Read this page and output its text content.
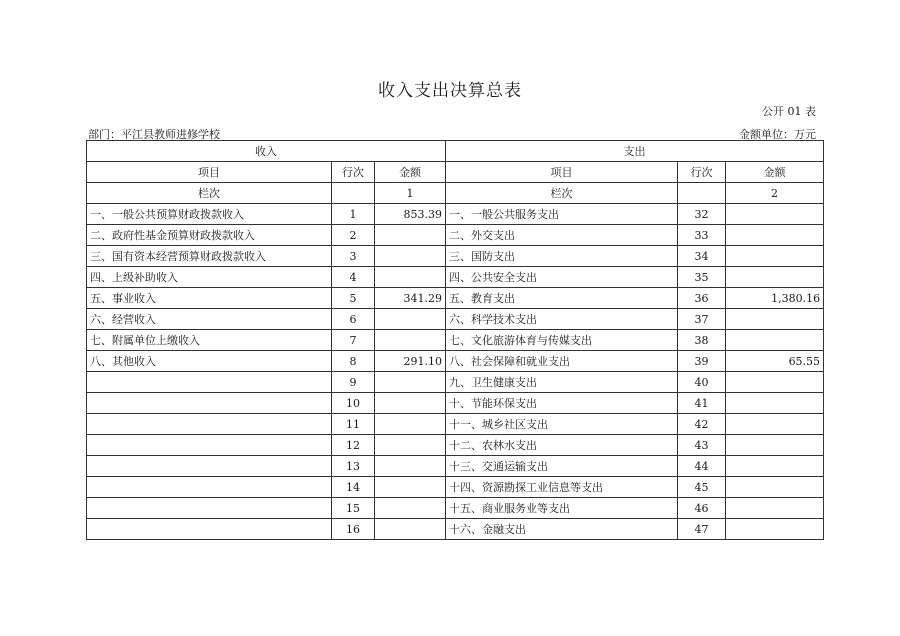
收入支出决算总表
公开 01 表
部门：平江县教师进修学校	金额单位：万元
收入			支出		
项目	行次	金额	项目	行次	金额
栏次		1	栏次		2
一、一般公共预算财政拨款收入	1	853.39	一、一般公共服务支出	32	
二、政府性基金预算财政拨款收入	2		二、外交支出	33	
三、国有资本经营预算财政拨款收入	3		三、国防支出	34	
四、上级补助收入	4		四、公共安全支出	35	
五、事业收入	5	341.29	五、教育支出	36	1,380.16
六、经营收入	6		六、科学技术支出	37	
七、附属单位上缴收入	7		七、文化旅游体育与传媒支出	38	
八、其他收入	8	291.10	八、社会保障和就业支出	39	65.55
	9		九、卫生健康支出	40	
	10		十、节能环保支出	41	
	11		十一、城乡社区支出	42	
	12		十二、农林水支出	43	
	13		十三、交通运输支出	44	
	14		十四、资源勘探工业信息等支出	45	
	15		十五、商业服务业等支出	46	
	16		十六、金融支出	47	
